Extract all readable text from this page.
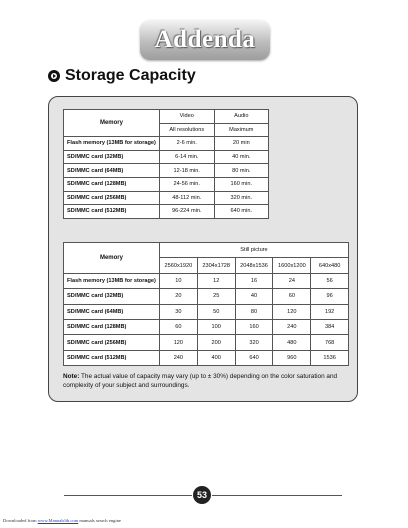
Addenda
Storage Capacity
Memory	Video	Audio
	All resolutions	Maximum
Flash memory (13MB for storage)	2-6 min.	20 min
SD/MMC card (32MB)	6-14 min.	40 min.
SD/MMC card (64MB)	12-18 min.	80 min.
SD/MMC card (128MB)	24-56 min.	160 min.
SD/MMC card (256MB)	48-112 min.	320 min.
SD/MMC card (512MB)	96-224 min.	640 min.
Memory	Still picture				
	2560x1920	2304x1728	2048x1536	1600x1200	640x480
Flash memory (13MB for storage)	10	12	16	24	56
SD/MMC card (32MB)	20	25	40	60	96
SD/MMC card (64MB)	30	50	80	120	192
SD/MMC card (128MB)	60	100	160	240	384
SD/MMC card (256MB)	120	200	320	480	768
SD/MMC card (512MB)	240	400	640	960	1536

Note: The actual value of capacity may vary (up to ± 30%) depending on the color saturation and complexity of your subject and surroundings.

53
Downloaded from www.Manualslib.com manuals search engine
